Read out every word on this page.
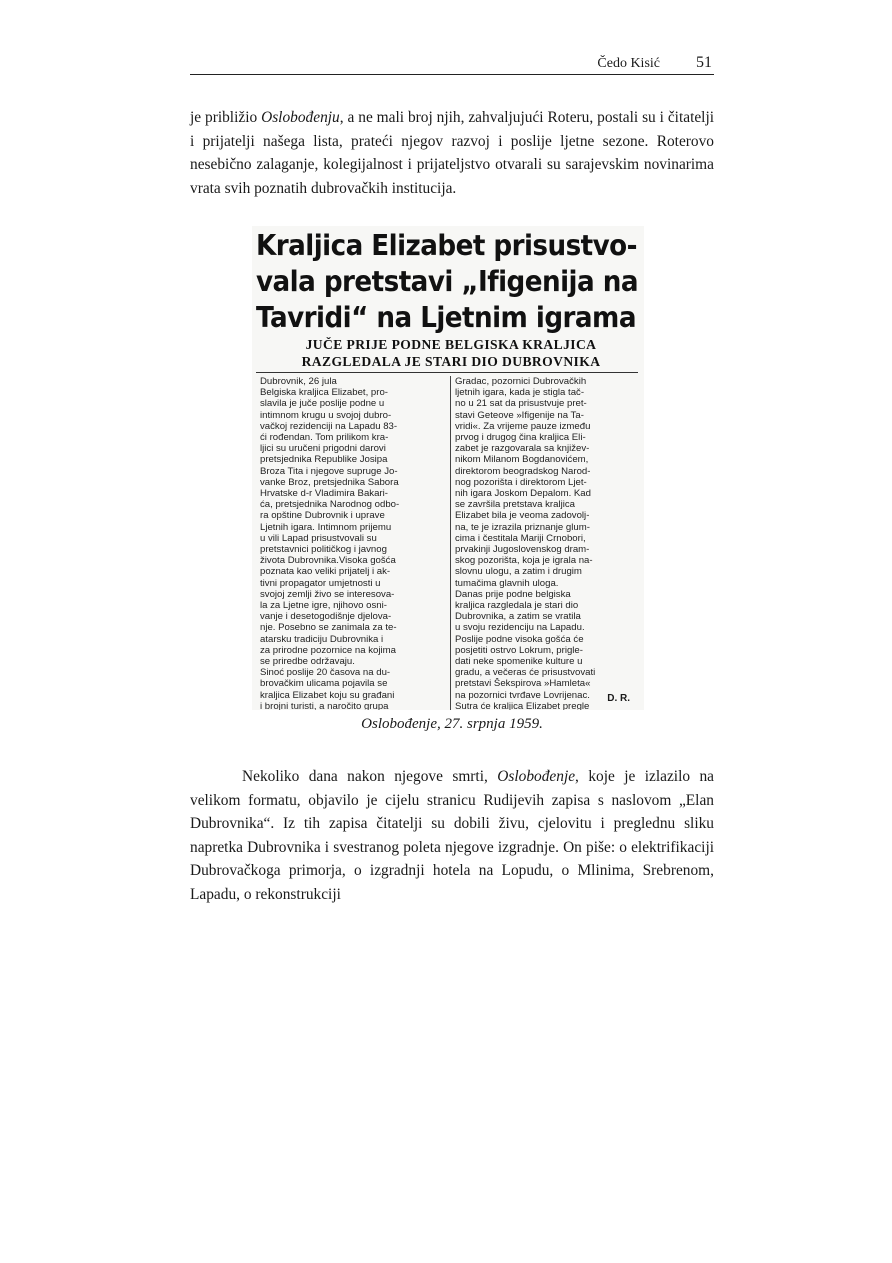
Čedo Kisić 51

je približio Oslobođenju, a ne mali broj njih, zahvaljujući Roteru, postali su i čitatelji i prijatelji našega lista, prateći njegov razvoj i poslije ljetne sezone. Roterovo nesebično zalaganje, kolegijalnost i prijateljstvo otvarali su sarajevskim novinarima vrata svih poznatih dubrovačkih institucija.

Kraljica Elizabet prisustvo-
vala pretstavi „Ifigenija na
Tavridi“ na Ljetnim igrama
JUČE PRIJE PODNE BELGISKA KRALJICA
RAZGLEDALA JE STARI DIO DUBROVNIKA
Dubrovnik, 26 jula
Belgiska kraljica Elizabet, pro-
slavila je juče poslije podne u
intimnom krugu u svojoj dubro-
vačkoj rezidenciji na Lapadu 83-
ći rođendan. Tom prilikom kra-
ljici su uručeni prigodni darovi
pretsjednika Republike Josipa
Broza Tita i njegove supruge Jo-
vanke Broz, pretsjednika Sabora
Hrvatske d-r Vladimira Bakari-
ća, pretsjednika Narodnog odbo-
ra opštine Dubrovnik i uprave
Ljetnih igara. Intimnom prijemu
u vili Lapad prisustvovali su
pretstavnici političkog i javnog
života Dubrovnika.Visoka gošća
poznata kao veliki prijatelj i ak-
tivni propagator umjetnosti u
svojoj zemlji živo se interesova-
la za Ljetne igre, njihovo osni-
vanje i desetogodišnje djelova-
nje. Posebno se zanimala za te-
atarsku tradiciju Dubrovnika i
za prirodne pozornice na kojima
se priredbe održavaju.
Sinoć poslije 20 časova na du-
brovačkim ulicama pojavila se
kraljica Elizabet koju su građani
i brojni turisti, a naročito grupa
Gradac, pozornici Dubrovačkih
ljetnih igara, kada je stigla tač-
no u 21 sat da prisustvuje pret-
stavi Geteove »Ifigenije na Ta-
vridi«. Za vrijeme pauze između
prvog i drugog čina kraljica Eli-
zabet je razgovarala sa književ-
nikom Milanom Bogdanovićem,
direktorom beogradskog Narod-
nog pozorišta i direktorom Ljet-
nih igara Joskom Depalom. Kad
se završila pretstava kraljica
Elizabet bila je veoma zadovolj-
na, te je izrazila priznanje glum-
cima i čestitala Mariji Crnobori,
prvakinji Jugoslovenskog dram-
skog pozorišta, koja je igrala na-
slovnu ulogu, a zatim i drugim
tumačima glavnih uloga.
Danas prije podne belgiska
kraljica razgledala je stari dio
Dubrovnika, a zatim se vratila
u svoju rezidenciju na Lapadu.
Poslije podne visoka gošća će
posjetiti ostrvo Lokrum, prigle-
dati neke spomenike kulture u
gradu, a večeras će prisustvovati
pretstavi Šekspirova »Hamleta«
na pozornici tvrđave Lovrijenac.
Sutra će kraljica Elizabet pregle
D. R.
Oslobođenje, 27. srpnja 1959.

Nekoliko dana nakon njegove smrti, Oslobođenje, koje je izlazilo na velikom formatu, objavilo je cijelu stranicu Rudijevih zapisa s naslovom „Elan Dubrovnika“. Iz tih zapisa čitatelji su dobili živu, cjelovitu i preglednu sliku napretka Dubrovnika i svestranog poleta njegove izgradnje. On piše: o elektrifikaciji Dubrovačkoga primorja, o izgradnji hotela na Lopudu, o Mlinima, Srebrenom, Lapadu, o rekonstrukciji
